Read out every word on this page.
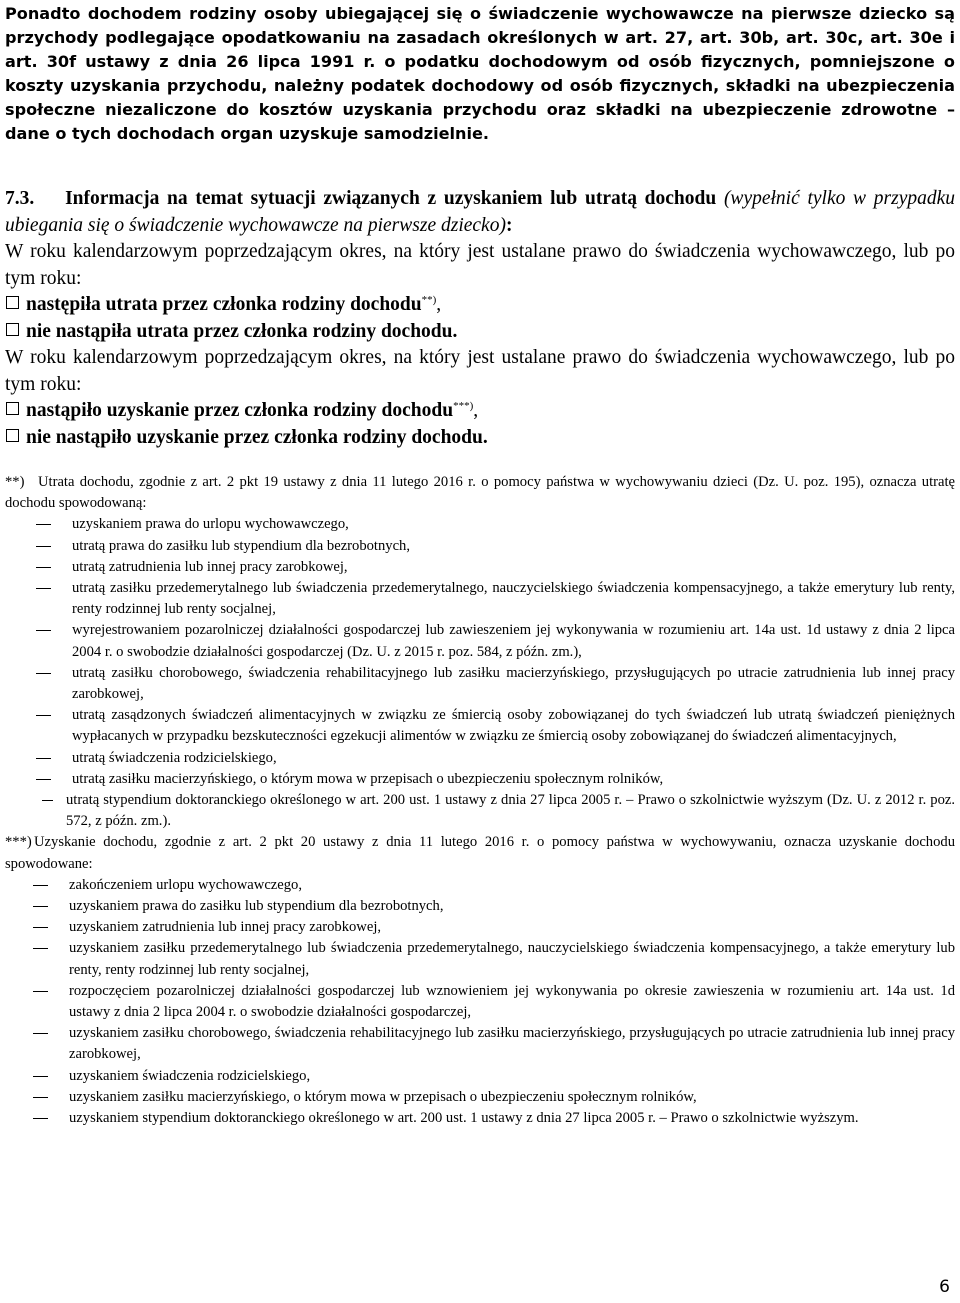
Ponadto dochodem rodziny osoby ubiegającej się o świadczenie wychowawcze na pierwsze dziecko są przychody podlegające opodatkowaniu na zasadach określonych w art. 27, art. 30b, art. 30c, art. 30e i art. 30f ustawy z dnia 26 lipca 1991 r. o podatku dochodowym od osób fizycznych, pomniejszone o koszty uzyskania przychodu, należny podatek dochodowy od osób fizycznych, składki na ubezpieczenia społeczne niezaliczone do kosztów uzyskania przychodu oraz składki na ubezpieczenie zdrowotne – dane o tych dochodach organ uzyskuje samodzielnie.

7.3. Informacja na temat sytuacji związanych z uzyskaniem lub utratą dochodu (wypełnić tylko w przypadku ubiegania się o świadczenie wychowawcze na pierwsze dziecko):

W roku kalendarzowym poprzedzającym okres, na który jest ustalane prawo do świadczenia wychowawczego, lub po tym roku:

następiła utrata przez członka rodziny dochodu**),
nie nastąpiła utrata przez członka rodziny dochodu.

W roku kalendarzowym poprzedzającym okres, na który jest ustalane prawo do świadczenia wychowawczego, lub po tym roku:

nastąpiło uzyskanie przez członka rodziny dochodu***),
nie nastąpiło uzyskanie przez członka rodziny dochodu.

**) Utrata dochodu, zgodnie z art. 2 pkt 19 ustawy z dnia 11 lutego 2016 r. o pomocy państwa w wychowywaniu dzieci (Dz. U. poz. 195), oznacza utratę dochodu spowodowaną:

uzyskaniem prawa do urlopu wychowawczego,
utratą prawa do zasiłku lub stypendium dla bezrobotnych,
utratą zatrudnienia lub innej pracy zarobkowej,
utratą zasiłku przedemerytalnego lub świadczenia przedemerytalnego, nauczycielskiego świadczenia kompensacyjnego, a także emerytury lub renty, renty rodzinnej lub renty socjalnej,
wyrejestrowaniem pozarolniczej działalności gospodarczej lub zawieszeniem jej wykonywania w rozumieniu art. 14a ust. 1d ustawy z dnia 2 lipca 2004 r. o swobodzie działalności gospodarczej (Dz. U. z 2015 r. poz. 584, z późn. zm.),
utratą zasiłku chorobowego, świadczenia rehabilitacyjnego lub zasiłku macierzyńskiego, przysługujących po utracie zatrudnienia lub innej pracy zarobkowej,
utratą zasądzonych świadczeń alimentacyjnych w związku ze śmiercią osoby zobowiązanej do tych świadczeń lub utratą świadczeń pieniężnych wypłacanych w przypadku bezskuteczności egzekucji alimentów w związku ze śmiercią osoby zobowiązanej do świadczeń alimentacyjnych,
utratą świadczenia rodzicielskiego,
utratą zasiłku macierzyńskiego, o którym mowa w przepisach o ubezpieczeniu społecznym rolników,
utratą stypendium doktoranckiego określonego w art. 200 ust. 1 ustawy z dnia 27 lipca 2005 r. – Prawo o szkolnictwie wyższym (Dz. U. z 2012 r. poz. 572, z późn. zm.).

***) Uzyskanie dochodu, zgodnie z art. 2 pkt 20 ustawy z dnia 11 lutego 2016 r. o pomocy państwa w wychowywaniu, oznacza uzyskanie dochodu spowodowane:

zakończeniem urlopu wychowawczego,
uzyskaniem prawa do zasiłku lub stypendium dla bezrobotnych,
uzyskaniem zatrudnienia lub innej pracy zarobkowej,
uzyskaniem zasiłku przedemerytalnego lub świadczenia przedemerytalnego, nauczycielskiego świadczenia kompensacyjnego, a także emerytury lub renty, renty rodzinnej lub renty socjalnej,
rozpoczęciem pozarolniczej działalności gospodarczej lub wznowieniem jej wykonywania po okresie zawieszenia w rozumieniu art. 14a ust. 1d ustawy z dnia 2 lipca 2004 r. o swobodzie działalności gospodarczej,
uzyskaniem zasiłku chorobowego, świadczenia rehabilitacyjnego lub zasiłku macierzyńskiego, przysługujących po utracie zatrudnienia lub innej pracy zarobkowej,
uzyskaniem świadczenia rodzicielskiego,
uzyskaniem zasiłku macierzyńskiego, o którym mowa w przepisach o ubezpieczeniu społecznym rolników,
uzyskaniem stypendium doktoranckiego określonego w art. 200 ust. 1 ustawy z dnia 27 lipca 2005 r. – Prawo o szkolnictwie wyższym.
6
